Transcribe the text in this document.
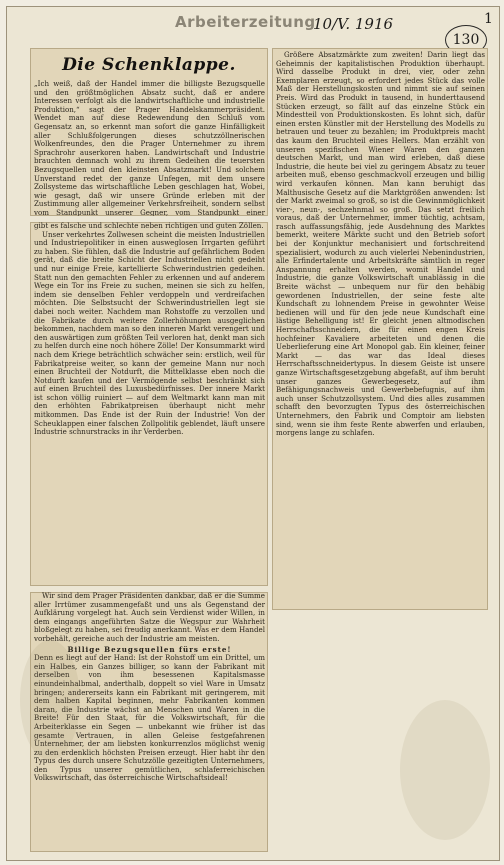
Arbeiterzeitung
10/V. 1916
130
1

Die Schenklappe.

„Ich weiß, daß der Handel immer die billigste Bezugsquelle und den größtmöglichen Absatz sucht, daß er andere Interessen verfolgt als die landwirtschaftliche und industrielle Produktion,“ sagt der Prager Handelskammerpräsident. Wendet man auf diese Redewendung den Schluß vom Gegensatz an, so erkennt man sofort die ganze Hinfälligkeit aller Schlußfolgerungen dieses schutzzöllnerischen Wolkenfreundes, den die Prager Unternehmer zu ihrem Sprachrohr auserkoren haben. Landwirtschaft und Industrie brauchten demnach wohl zu ihrem Gedeihen die teuersten Bezugsquellen und den kleinsten Absatzmarkt! Und solchem Unverstand redet der ganze Unfegen, mit dem unsere Zollsysteme das wirtschaftliche Leben geschlagen hat, Wobei, wie gesagt, daß wir unsere Gründe erleben mit der Zustimmung aller allgemeiner Verkehrsfreiheit, sondern selbst vom Standpunkt unserer Gegner, vom Standpunkt einer

gibt es falsche und schlechte neben richtigen und guten Zöllen.

Unser verkehrtes Zollwesen scheint die meisten Industriellen und Industriepolitiker in einen ausweglosen Irrgarten geführt zu haben. Sie fühlen, daß die Industrie auf gefährlichem Boden gerät, daß die breite Schicht der Industriellen nicht gedeiht und nur einige Freie, kartellierte Schwerindustrien gedeihen. Statt nun den gemachten Fehler zu erkennen und auf anderem Wege ein Tor ins Freie zu suchen, meinen sie sich zu helfen, indem sie denselben Fehler verdoppeln und verdreifachen möchten. Die Selbstsucht der Schwerindustriellen legt sie dabei noch weiter. Nachdem man Rohstoffe zu verzollen und die Fabrikate durch weitere Zollerhöhungen ausgeglichen bekommen, nachdem man so den inneren Markt verengert und den auswärtigen zum größten Teil verloren hat, denkt man sich zu helfen durch eine noch höhere Zölle! Der Konsummarkt wird nach dem Kriege beträchtlich schwächer sein: erstlich, weil für Fabrikatpreise weiter, so kann der gemeine Mann nur noch einen Bruchteil der Notdurft, die Mittelklasse eben noch die Notdurft kaufen und der Vermögende selbst beschränkt sich auf einen Bruchteil des Luxusbedürfnisses. Der innere Markt ist schon völlig ruiniert — auf dem Weltmarkt kann man mit den erhöhten Fabrikatpreisen überhaupt nicht mehr mitkommen. Das Ende ist der Ruin der Industrie! Von der Scheuklappen einer falschen Zollpolitik geblendet, läuft unsere Industrie schnurstracks in ihr Verderben.

Wir sind dem Prager Präsidenten dankbar, daß er die Summe aller Irrtümer zusammengefaßt und uns als Gegenstand der Aufklärung vorgelegt hat. Auch sein Verdienst wider Willen, in dem eingangs angeführten Satze die Wegspur zur Wahrheit bloßgelegt zu haben, sei freudig anerkannt. Was er dem Handel vorbehält, gereiche auch der Industrie am meisten.

Billige Bezugsquellen fürs erste!

Denn es liegt auf der Hand: Ist der Rohstoff um ein Drittel, um ein Halbes, ein Ganzes billiger, so kann der Fabrikant mit derselben von ihm besessenen Kapitalsmasse einundeinhalbmal, anderthalb, doppelt so viel Ware in Umsatz bringen; andererseits kann ein Fabrikant mit geringerem, mit dem halben Kapital beginnen, mehr Fabrikanten kommen daran, die Industrie wächst an Menschen und Waren in die Breite! Für den Staat, für die Volkswirtschaft, für die Arbeiterklasse ein Segen — unbekannt wie früher ist das gesamte Vertrauen, in allen Geleise festgefahrenen Unternehmer, der am liebsten konkurrenzlos möglichst wenig zu den erdenklich höchsten Preisen erzeugt. Hier habt ihr den Typus des durch unsere Schutzzölle gezeitigten Unternehmers, den Typus unserer gemütlichen, schlaferreichischen Volkswirtschaft, das österreichische Wirtschaftsideal!

Größere Absatzmärkte zum zweiten! Darin liegt das Geheimnis der kapitalistischen Produktion überhaupt. Wird dasselbe Produkt in drei, vier, oder zehn Exemplaren erzeugt, so erfordert jedes Stück das volle Maß der Herstellungskosten und nimmt sie auf seinen Preis. Wird das Produkt in tausend, in hunderttausend Stücken erzeugt, so fällt auf das einzelne Stück ein Mindestteil von Produktionskosten. Es lohnt sich, dafür einen ersten Künstler mit der Herstellung des Modells zu betrauen und teuer zu bezahlen; im Produktpreis macht das kaum den Bruchteil eines Hellers. Man erzählt von unseren spezifischen Wiener Waren den ganzen deutschen Markt, und man wird erleben, daß diese Industrie, die heute bei viel zu geringem Absatz zu teuer arbeiten muß, ebenso geschmackvoll erzeugen und billig wird verkaufen können. Man kann beruhigt das Malthusische Gesetz auf die Marktgrößen anwenden: Ist der Markt zweimal so groß, so ist die Gewinnmöglichkeit vier-, neun-, sechzehnmal so groß. Das setzt freilich voraus, daß der Unternehmer, immer tüchtig, achtsam, rasch auffassungsfähig, jede Ausdehnung des Marktes bemerkt, weitere Märkte sucht und den Betrieb sofort bei der Konjunktur mechanisiert und fortschreitend spezialisiert, wodurch zu auch vielerlei Nebenindustrien, alle Erfindertalente und Arbeitskräfte sämtlich in reger Anspannung erhalten werden, womit Handel und Industrie, die ganze Volkswirtschaft unablässig in die Breite wächst — unbequem nur für den behäbig gewordenen Industriellen, der seine feste alte Kundschaft zu lohnendem Preise in gewohnter Weise bedienen will und für den jede neue Kundschaft eine lästige Behelligung ist! Er gleicht jenen altmodischen Herrschaftsschneidern, die für einen engen Kreis hochfeiner Kavaliere arbeiteten und denen die Ueberlieferung eine Art Monopol gab. Ein kleiner, feiner Markt — das war das Ideal dieses Herrschaftsschneidertypus. In diesem Geiste ist unsere ganze Wirtschaftsgesetzgebung abgefaßt, auf ihm beruht unser ganzes Gewerbegesetz, auf ihm Befähigungsnachweis und Gewerbebefugnis, auf ihm auch unser Schutzzollsystem. Und dies alles zusammen schafft den bevorzugten Typus des österreichischen Unternehmers, den Fabrik und Comptoir am liebsten sind, wenn sie ihm feste Rente abwerfen und erlauben, morgens lange zu schlafen.
